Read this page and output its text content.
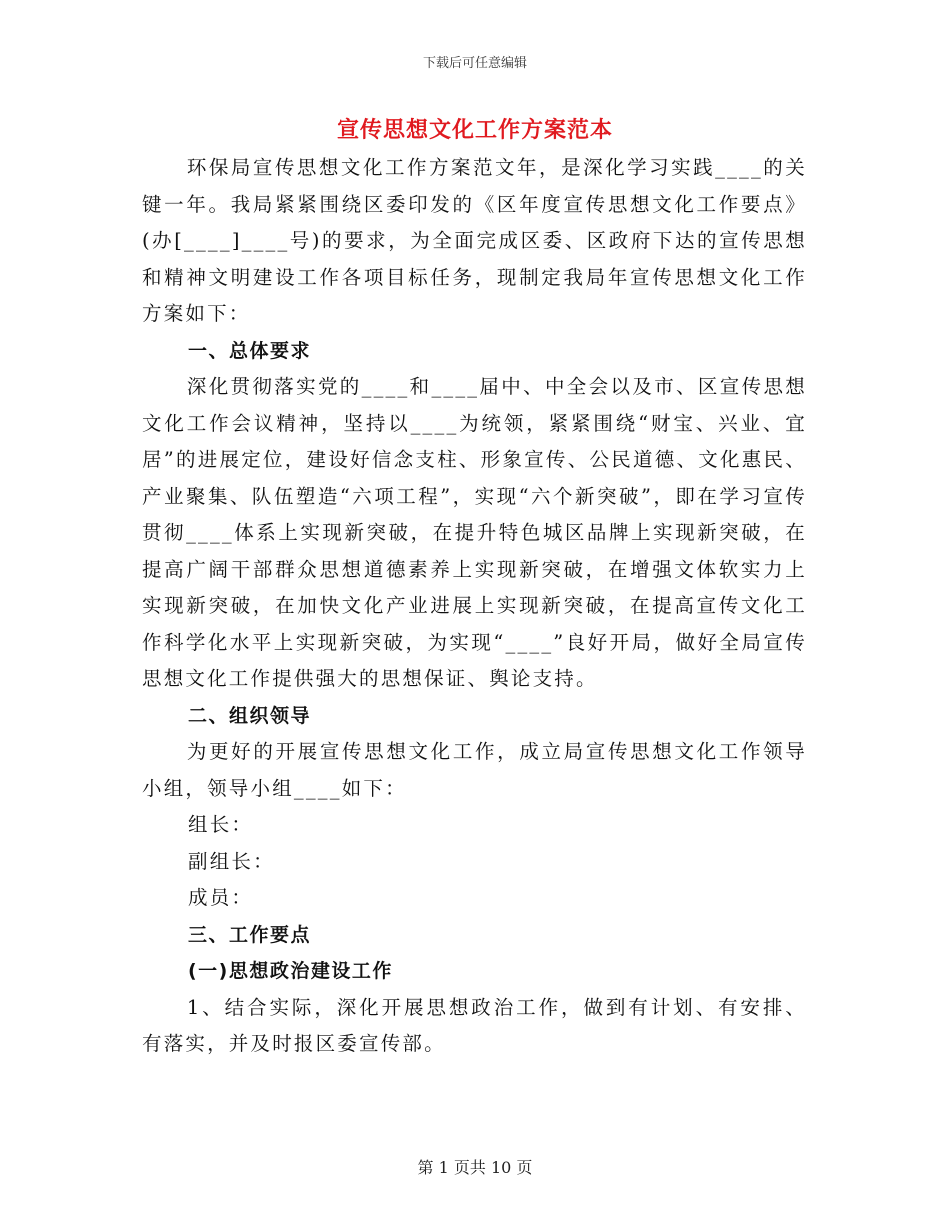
下载后可任意编辑
宣传思想文化工作方案范本

环保局宣传思想文化工作方案范文年，是深化学习实践____的关键一年。我局紧紧围绕区委印发的《区年度宣传思想文化工作要点》(办[____]____号)的要求，为全面完成区委、区政府下达的宣传思想和精神文明建设工作各项目标任务，现制定我局年宣传思想文化工作方案如下：

一、总体要求

深化贯彻落实党的____和____届中、中全会以及市、区宣传思想文化工作会议精神，坚持以____为统领，紧紧围绕“财宝、兴业、宜居”的进展定位，建设好信念支柱、形象宣传、公民道德、文化惠民、产业聚集、队伍塑造“六项工程”，实现“六个新突破”，即在学习宣传贯彻____体系上实现新突破，在提升特色城区品牌上实现新突破，在提高广阔干部群众思想道德素养上实现新突破，在增强文体软实力上实现新突破，在加快文化产业进展上实现新突破，在提高宣传文化工作科学化水平上实现新突破，为实现“____”良好开局，做好全局宣传思想文化工作提供强大的思想保证、舆论支持。

二、组织领导

为更好的开展宣传思想文化工作，成立局宣传思想文化工作领导小组，领导小组____如下：

组长：

副组长：

成员：

三、工作要点

(一)思想政治建设工作

1、结合实际，深化开展思想政治工作，做到有计划、有安排、有落实，并及时报区委宣传部。

第 1 页共 10 页
